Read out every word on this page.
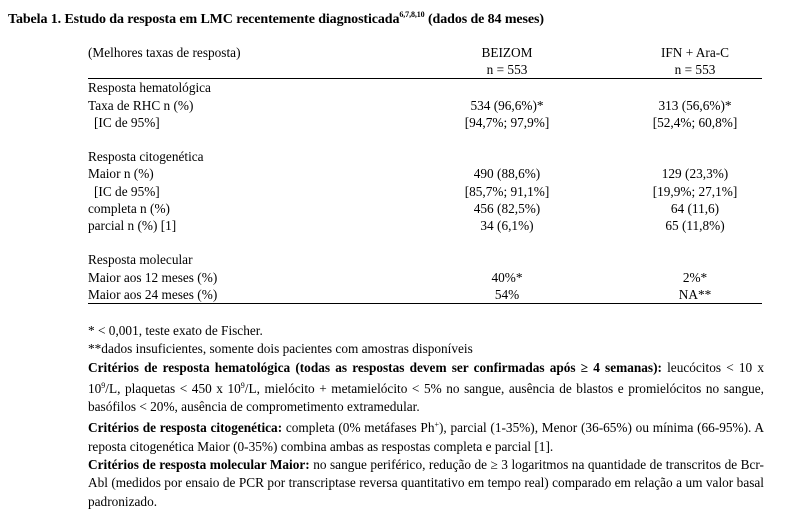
Tabela 1. Estudo da resposta em LMC recentemente diagnosticada$^{6,7,8,10}$ (dados de 84 meses)
(Melhores taxas de resposta)	BEIZOM	IFN + Ara-C
	n = 553	n = 553
Resposta hematológica		
Taxa de RHC n (%)	534 (96,6%)*	313 (56,6%)*
[IC de 95%]	[94,7%; 97,9%]	[52,4%; 60,8%]

Resposta citogenética		
Maior n (%)	490 (88,6%)	129 (23,3%)
[IC de 95%]	[85,7%; 91,1%]	[19,9%; 27,1%]
completa n (%)	456 (82,5%)	64 (11,6)
parcial n (%) [1]	34 (6,1%)	65 (11,8%)

Resposta molecular		
Maior aos 12 meses (%)	40%*	2%*
Maior aos 24 meses (%)	54%	NA**

* < 0,001, teste exato de Fischer.

**dados insuficientes, somente dois pacientes com amostras disponíveis

Critérios de resposta hematológica (todas as respostas devem ser confirmadas após ≥ 4 semanas): leucócitos < 10 x $10^9/L$, plaquetas < 450 x $10^9/L$, mielócito + metamielócito < 5% no sangue, ausência de blastos e promielócitos no sangue, basófilos < 20%, ausência de comprometimento extramedular.

Critérios de resposta citogenética: completa (0% metáfases Ph+), parcial (1-35%), Menor (36-65%) ou mínima (66-95%). A reposta citogenética Maior (0-35%) combina ambas as respostas completa e parcial [1].

Critérios de resposta molecular Maior: no sangue periférico, redução de ≥ 3 logaritmos na quantidade de transcritos de Bcr-Abl (medidos por ensaio de PCR por transcriptase reversa quantitativo em tempo real) comparado em relação a um valor basal padronizado.
